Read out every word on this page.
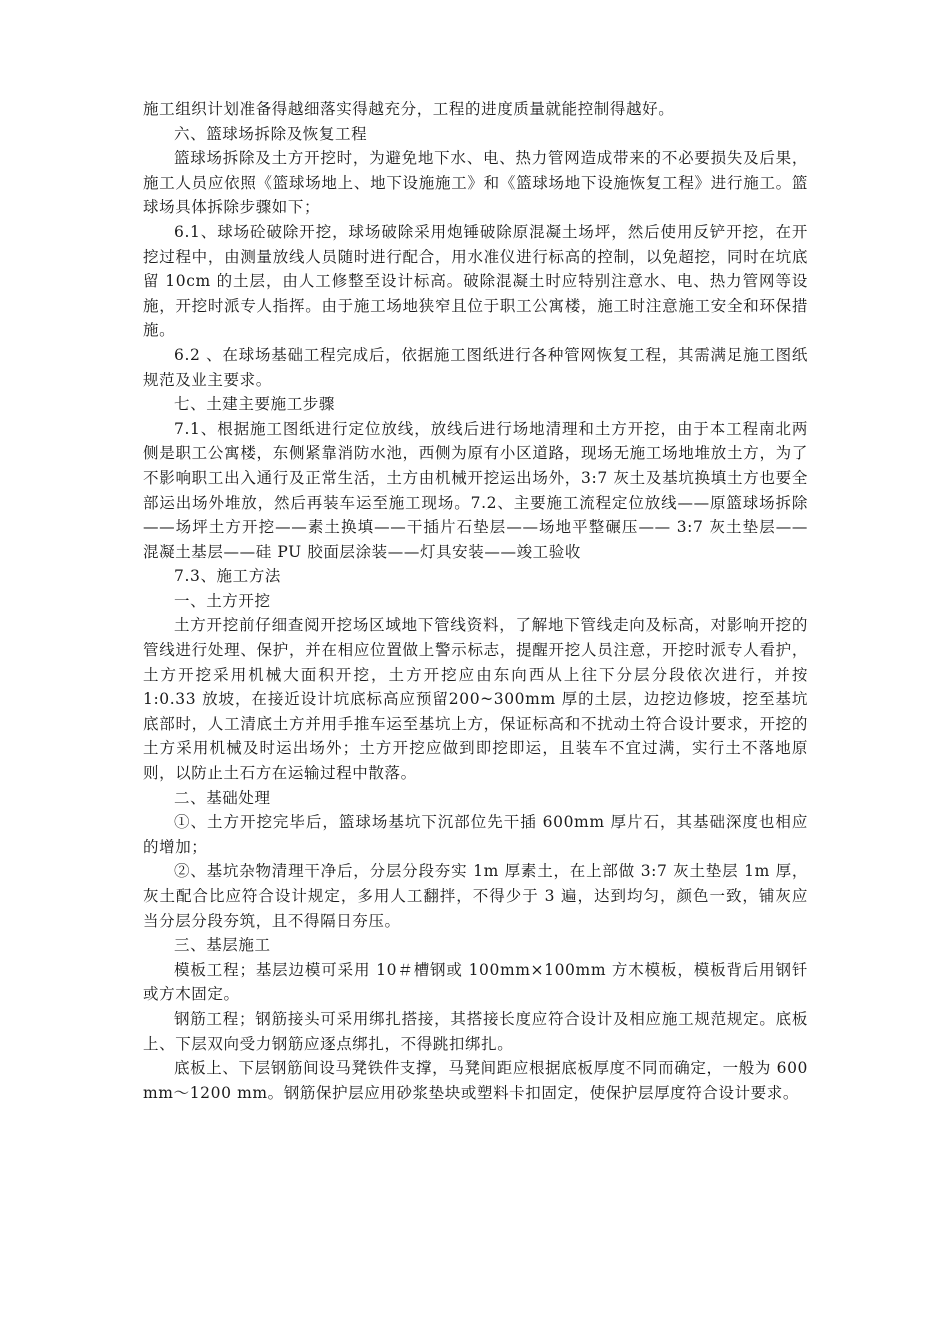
施工组织计划准备得越细落实得越充分，工程的进度质量就能控制得越好。

六、篮球场拆除及恢复工程

篮球场拆除及土方开挖时，为避免地下水、电、热力管网造成带来的不必要损失及后果，施工人员应依照《篮球场地上、地下设施施工》和《篮球场地下设施恢复工程》进行施工。篮球场具体拆除步骤如下；

6.1、球场砼破除开挖，球场破除采用炮锤破除原混凝土场坪，然后使用反铲开挖，在开挖过程中，由测量放线人员随时进行配合，用水准仪进行标高的控制，以免超挖，同时在坑底留 10cm 的土层，由人工修整至设计标高。破除混凝土时应特别注意水、电、热力管网等设施，开挖时派专人指挥。由于施工场地狭窄且位于职工公寓楼，施工时注意施工安全和环保措施。

6.2 、在球场基础工程完成后，依据施工图纸进行各种管网恢复工程，其需满足施工图纸规范及业主要求。

七、土建主要施工步骤

7.1、根据施工图纸进行定位放线，放线后进行场地清理和土方开挖，由于本工程南北两侧是职工公寓楼，东侧紧靠消防水池，西侧为原有小区道路，现场无施工场地堆放土方，为了不影响职工出入通行及正常生活，土方由机械开挖运出场外，3:7 灰土及基坑换填土方也要全部运出场外堆放，然后再装车运至施工现场。7.2、主要施工流程定位放线——原篮球场拆除——场坪土方开挖——素土换填——干插片石垫层——场地平整碾压—— 3:7 灰土垫层——混凝土基层——硅 PU 胶面层涂装——灯具安装——竣工验收

7.3、施工方法

一、土方开挖

土方开挖前仔细查阅开挖场区域地下管线资料，了解地下管线走向及标高，对影响开挖的管线进行处理、保护，并在相应位置做上警示标志，提醒开挖人员注意，开挖时派专人看护，土方开挖采用机械大面积开挖，土方开挖应由东向西从上往下分层分段依次进行，并按 1:0.33 放坡，在接近设计坑底标高应预留200~300mm 厚的土层，边挖边修坡，挖至基坑底部时，人工清底土方并用手推车运至基坑上方，保证标高和不扰动土符合设计要求，开挖的土方采用机械及时运出场外；土方开挖应做到即挖即运，且装车不宜过满，实行土不落地原则，以防止土石方在运输过程中散落。

二、基础处理

①、土方开挖完毕后，篮球场基坑下沉部位先干插 600mm 厚片石，其基础深度也相应的增加；

②、基坑杂物清理干净后，分层分段夯实 1m 厚素土，在上部做 3:7 灰土垫层 1m 厚，灰土配合比应符合设计规定，多用人工翻拌，不得少于 3 遍，达到均匀，颜色一致，铺灰应当分层分段夯筑，且不得隔日夯压。

三、基层施工

模板工程；基层边模可采用 10＃槽钢或 100mm×100mm 方木模板，模板背后用钢钎或方木固定。

钢筋工程；钢筋接头可采用绑扎搭接，其搭接长度应符合设计及相应施工规范规定。底板上、下层双向受力钢筋应逐点绑扎，不得跳扣绑扎。

底板上、下层钢筋间设马凳铁件支撑，马凳间距应根据底板厚度不同而确定，一般为 600 mm～1200 mm。钢筋保护层应用砂浆垫块或塑料卡扣固定，使保护层厚度符合设计要求。
